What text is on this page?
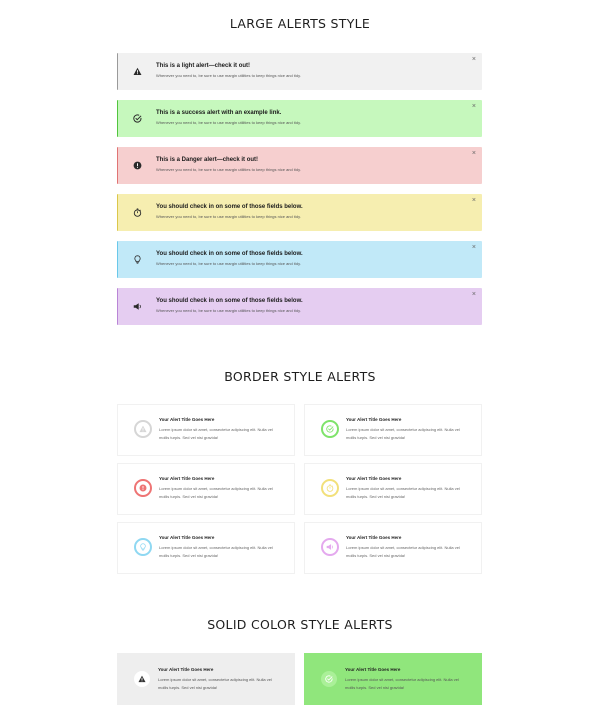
LARGE ALERTS STYLE
This is a light alert—check it out!
Whenever you need to, be sure to use margin utilities to keep things nice and tidy.
×
This is a success alert with an example link.
Whenever you need to, be sure to use margin utilities to keep things nice and tidy.
×
This is a Danger alert—check it out!
Whenever you need to, be sure to use margin utilities to keep things nice and tidy.
×
You should check in on some of those fields below.
Whenever you need to, be sure to use margin utilities to keep things nice and tidy.
×
You should check in on some of those fields below.
Whenever you need to, be sure to use margin utilities to keep things nice and tidy.
×
You should check in on some of those fields below.
Whenever you need to, be sure to use margin utilities to keep things nice and tidy.
×
BORDER STYLE ALERTS
Your Alert Title Goes Here
Lorem ipsum dolor sit amet, consectetur adipiscing elit. Nulla vel mollis turpis. Sed vel nisi gravida!
Your Alert Title Goes Here
Lorem ipsum dolor sit amet, consectetur adipiscing elit. Nulla vel mollis turpis. Sed vel nisi gravida!
Your Alert Title Goes Here
Lorem ipsum dolor sit amet, consectetur adipiscing elit. Nulla vel mollis turpis. Sed vel nisi gravida!
Your Alert Title Goes Here
Lorem ipsum dolor sit amet, consectetur adipiscing elit. Nulla vel mollis turpis. Sed vel nisi gravida!
Your Alert Title Goes Here
Lorem ipsum dolor sit amet, consectetur adipiscing elit. Nulla vel mollis turpis. Sed vel nisi gravida!
Your Alert Title Goes Here
Lorem ipsum dolor sit amet, consectetur adipiscing elit. Nulla vel mollis turpis. Sed vel nisi gravida!
SOLID COLOR STYLE ALERTS
Your Alert Title Goes Here
Lorem ipsum dolor sit amet, consectetur adipiscing elit. Nulla vel mollis turpis. Sed vel nisi gravida!
Your Alert Title Goes Here
Lorem ipsum dolor sit amet, consectetur adipiscing elit. Nulla vel mollis turpis. Sed vel nisi gravida!
